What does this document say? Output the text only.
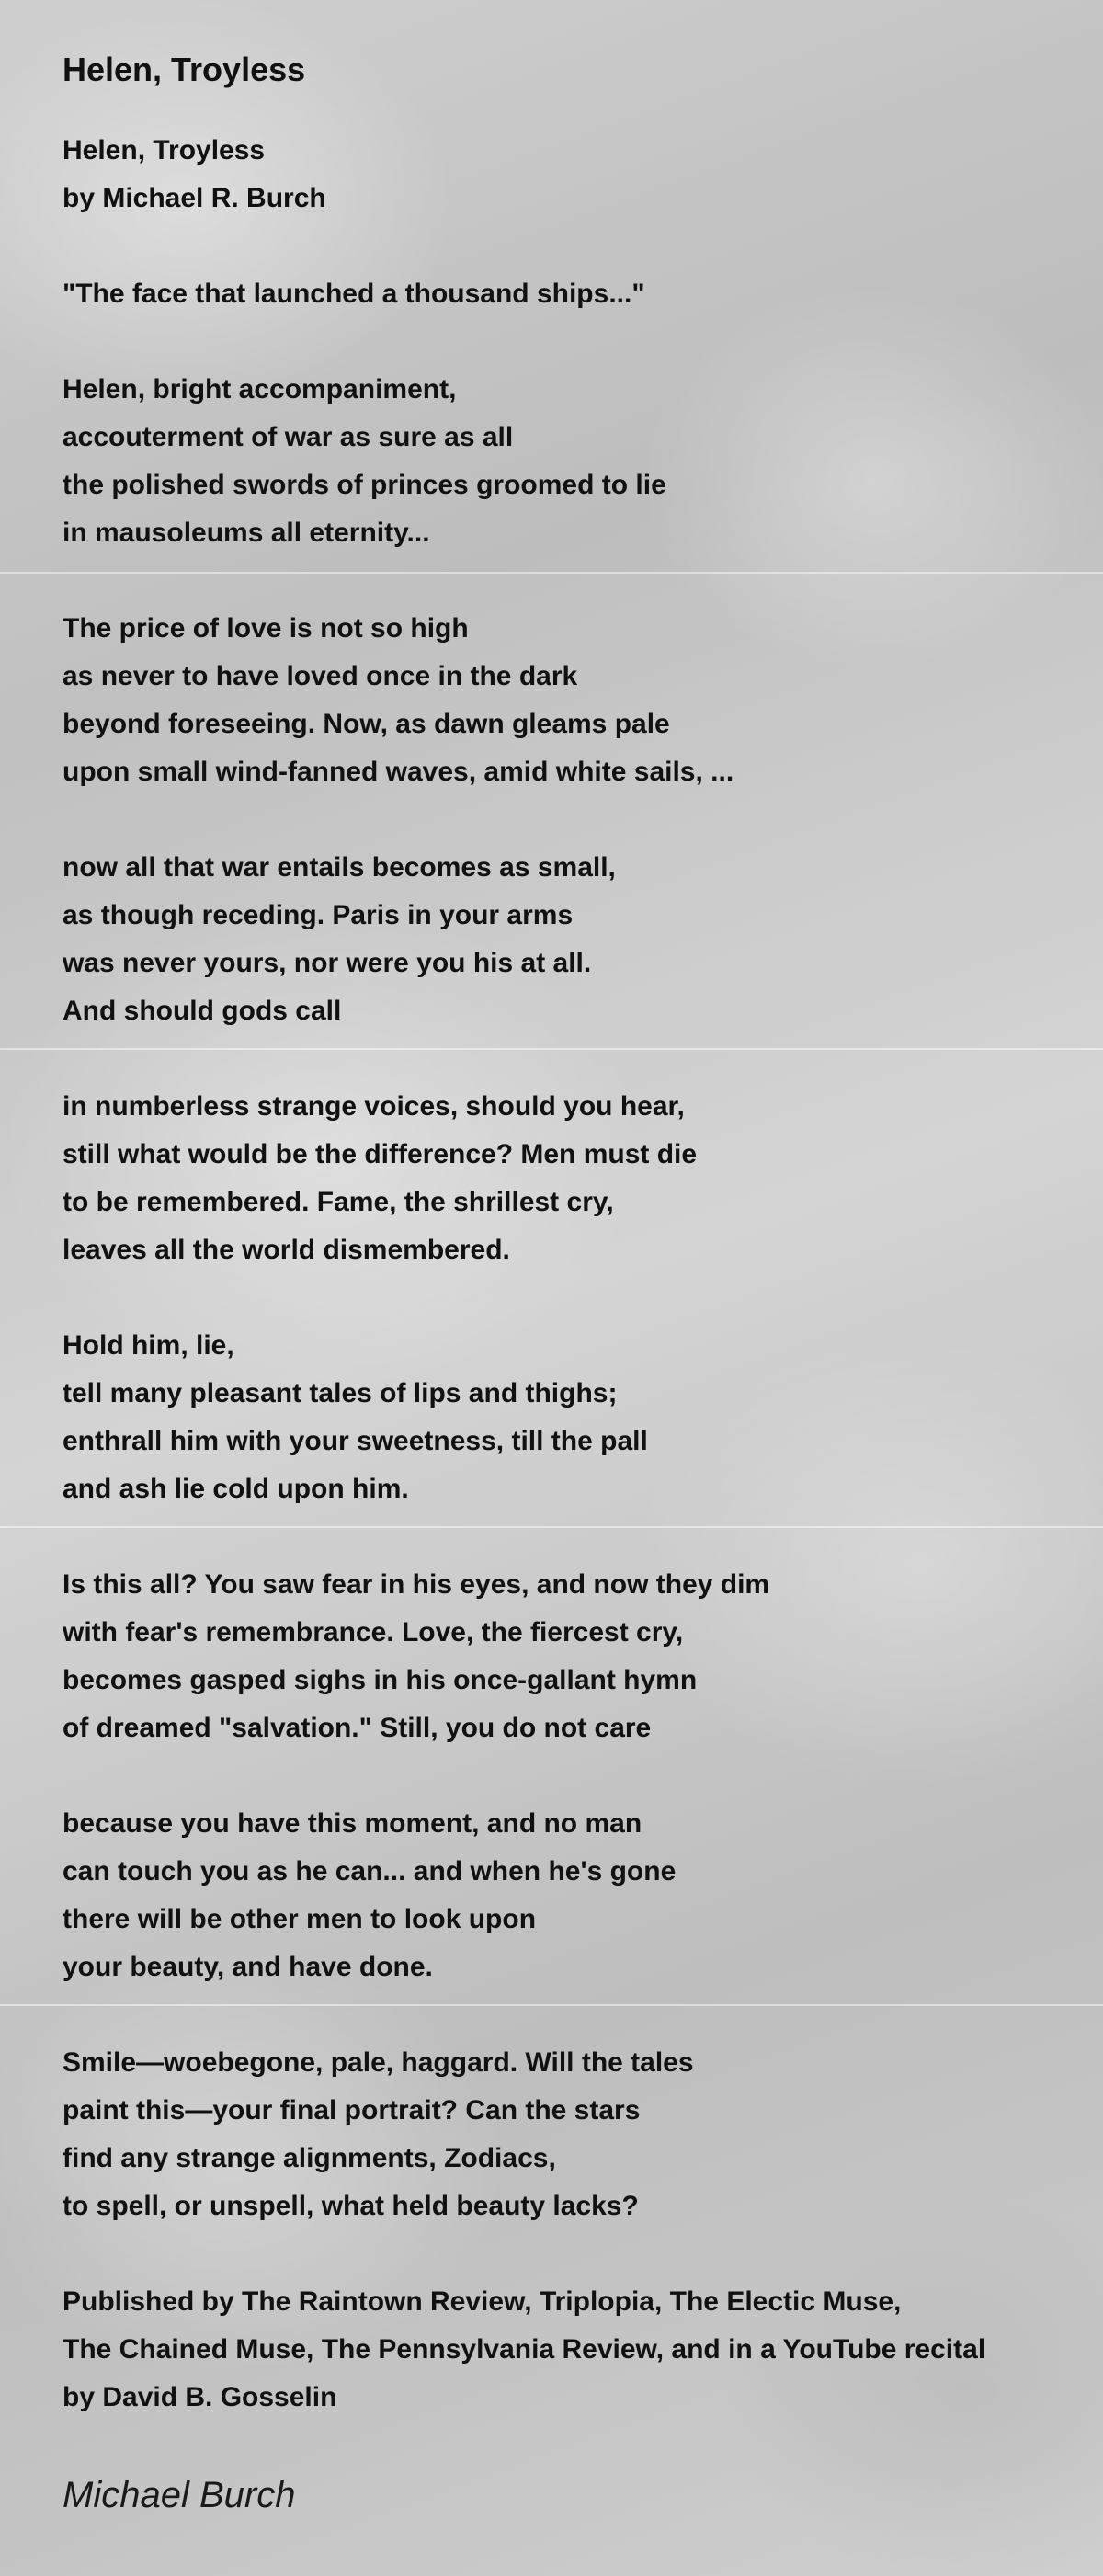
Helen, Troyless
Helen, Troyless
by Michael R. Burch
"The face that launched a thousand ships..."
Helen, bright accompaniment,
accouterment of war as sure as all
the polished swords of princes groomed to lie
in mausoleums all eternity...
The price of love is not so high
as never to have loved once in the dark
beyond foreseeing. Now, as dawn gleams pale
upon small wind-fanned waves, amid white sails, ...
now all that war entails becomes as small,
as though receding. Paris in your arms
was never yours, nor were you his at all.
And should gods call
in numberless strange voices, should you hear,
still what would be the difference? Men must die
to be remembered. Fame, the shrillest cry,
leaves all the world dismembered.
Hold him, lie,
tell many pleasant tales of lips and thighs;
enthrall him with your sweetness, till the pall
and ash lie cold upon him.
Is this all? You saw fear in his eyes, and now they dim
with fear's remembrance. Love, the fiercest cry,
becomes gasped sighs in his once-gallant hymn
of dreamed "salvation." Still, you do not care
because you have this moment, and no man
can touch you as he can... and when he's gone
there will be other men to look upon
your beauty, and have done.
Smile—woebegone, pale, haggard. Will the tales
paint this—your final portrait? Can the stars
find any strange alignments, Zodiacs,
to spell, or unspell, what held beauty lacks?
Published by The Raintown Review, Triplopia, The Electic Muse,
The Chained Muse, The Pennsylvania Review, and in a YouTube recital
by David B. Gosselin
Michael Burch
